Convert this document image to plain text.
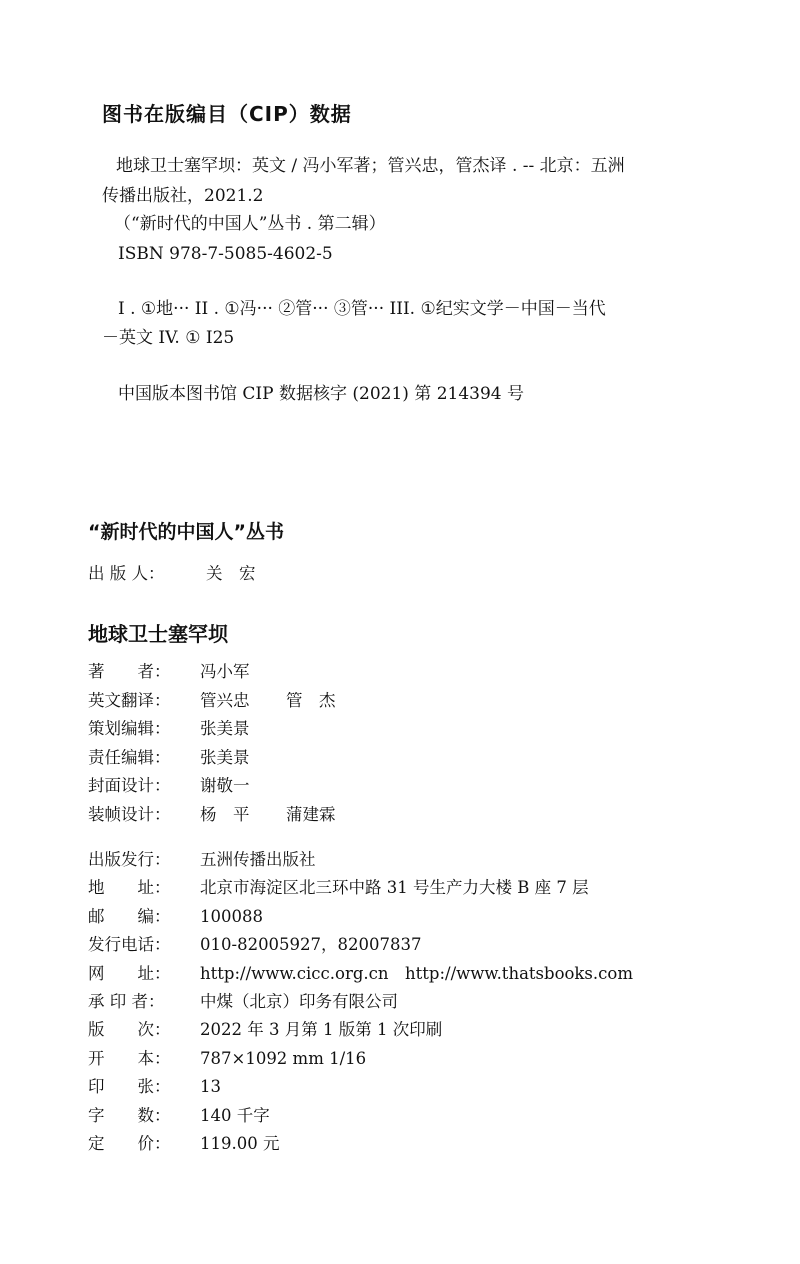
图书在版编目（CIP）数据
地球卫士塞罕坝：英文 / 冯小军著；管兴忠，管杰译 . -- 北京：五洲
传播出版社，2021.2
（“新时代的中国人”丛书 . 第二辑）
ISBN 978-7-5085-4602-5
I . ①地··· II . ①冯··· ②管··· ③管··· III. ①纪实文学－中国－当代
－英文 IV. ① I25
中国版本图书馆 CIP 数据核字 (2021) 第 214394 号
“新时代的中国人”丛书
出 版 人：	关　宏
地球卫士塞罕坝
著　　者：	冯小军
英文翻译：	管兴忠 管　杰
策划编辑：	张美景
责任编辑：	张美景
封面设计：	谢敬一
装帧设计：	杨　平 蒲建霖
出版发行：	五洲传播出版社
地　　址：	北京市海淀区北三环中路 31 号生产力大楼 B 座 7 层
邮　　编：	100088
发行电话：	010-82005927，82007837
网　　址：	http://www.cicc.org.cn　http://www.thatsbooks.com
承 印 者：	中煤（北京）印务有限公司
版　　次：	2022 年 3 月第 1 版第 1 次印刷
开　　本：	787×1092 mm 1/16
印　　张：	13
字　　数：	140 千字
定　　价：	119.00 元
